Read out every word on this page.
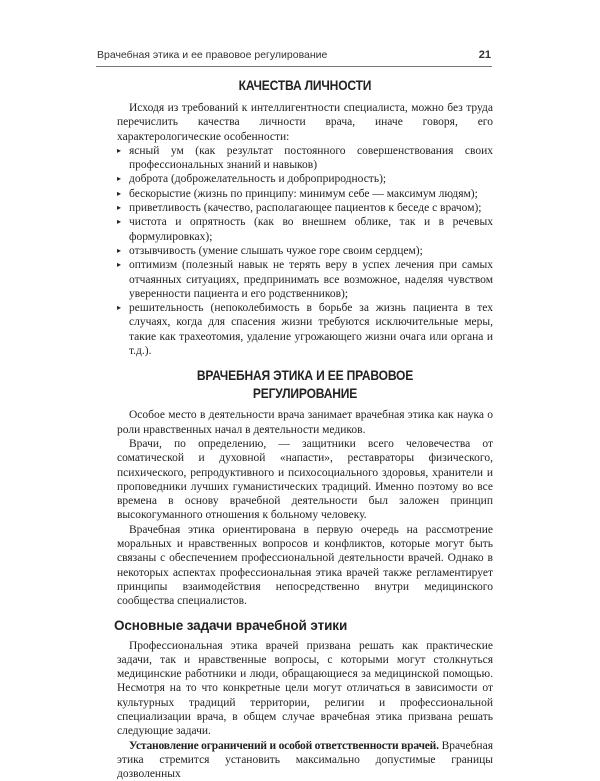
Врачебная этика и ее правовое регулирование	21
КАЧЕСТВА ЛИЧНОСТИ

Исходя из требований к интеллигентности специалиста, можно без труда перечислить качества личности врача, иначе говоря, его характерологические особенности:

▸ ясный ум (как результат постоянного совершенствования своих профессиональных знаний и навыков)
▸ доброта (доброжелательность и доброприродность);
▸ бескорыстие (жизнь по принципу: минимум себе — максимум людям);
▸ приветливость (качество, располагающее пациентов к беседе с врачом);
▸ чистота и опрятность (как во внешнем облике, так и в речевых формулировках);
▸ отзывчивость (умение слышать чужое горе своим сердцем);
▸ оптимизм (полезный навык не терять веру в успех лечения при самых отчаянных ситуациях, предпринимать все возможное, наделяя чувством уверенности пациента и его родственников);
▸ решительность (непоколебимость в борьбе за жизнь пациента в тех случаях, когда для спасения жизни требуются исключительные меры, такие как трахеотомия, удаление угрожающего жизни очага или органа и т.д.).
ВРАЧЕБНАЯ ЭТИКА И ЕЕ ПРАВОВОЕ РЕГУЛИРОВАНИЕ

Особое место в деятельности врача занимает врачебная этика как наука о роли нравственных начал в деятельности медиков.

Врачи, по определению, — защитники всего человечества от соматической и духовной «напасти», реставраторы физического, психического, репродуктивного и психосоциального здоровья, хранители и проповедники лучших гуманистических традиций. Именно поэтому во все времена в основу врачебной деятельности был заложен принцип высокогуманного отношения к больному человеку.

Врачебная этика ориентирована в первую очередь на рассмотрение моральных и нравственных вопросов и конфликтов, которые могут быть связаны с обеспечением профессиональной деятельности врачей. Однако в некоторых аспектах профессиональная этика врачей также регламентирует принципы взаимодействия непосредственно внутри медицинского сообщества специалистов.

Основные задачи врачебной этики

Профессиональная этика врачей призвана решать как практические задачи, так и нравственные вопросы, с которыми могут столкнуться медицинские работники и люди, обращающиеся за медицинской помощью. Несмотря на то что конкретные цели могут отличаться в зависимости от культурных традиций территории, религии и профессиональной специализации врача, в общем случае врачебная этика призвана решать следующие задачи.

Установление ограничений и особой ответственности врачей. Врачебная этика стремится установить максимально допустимые границы дозволенных
